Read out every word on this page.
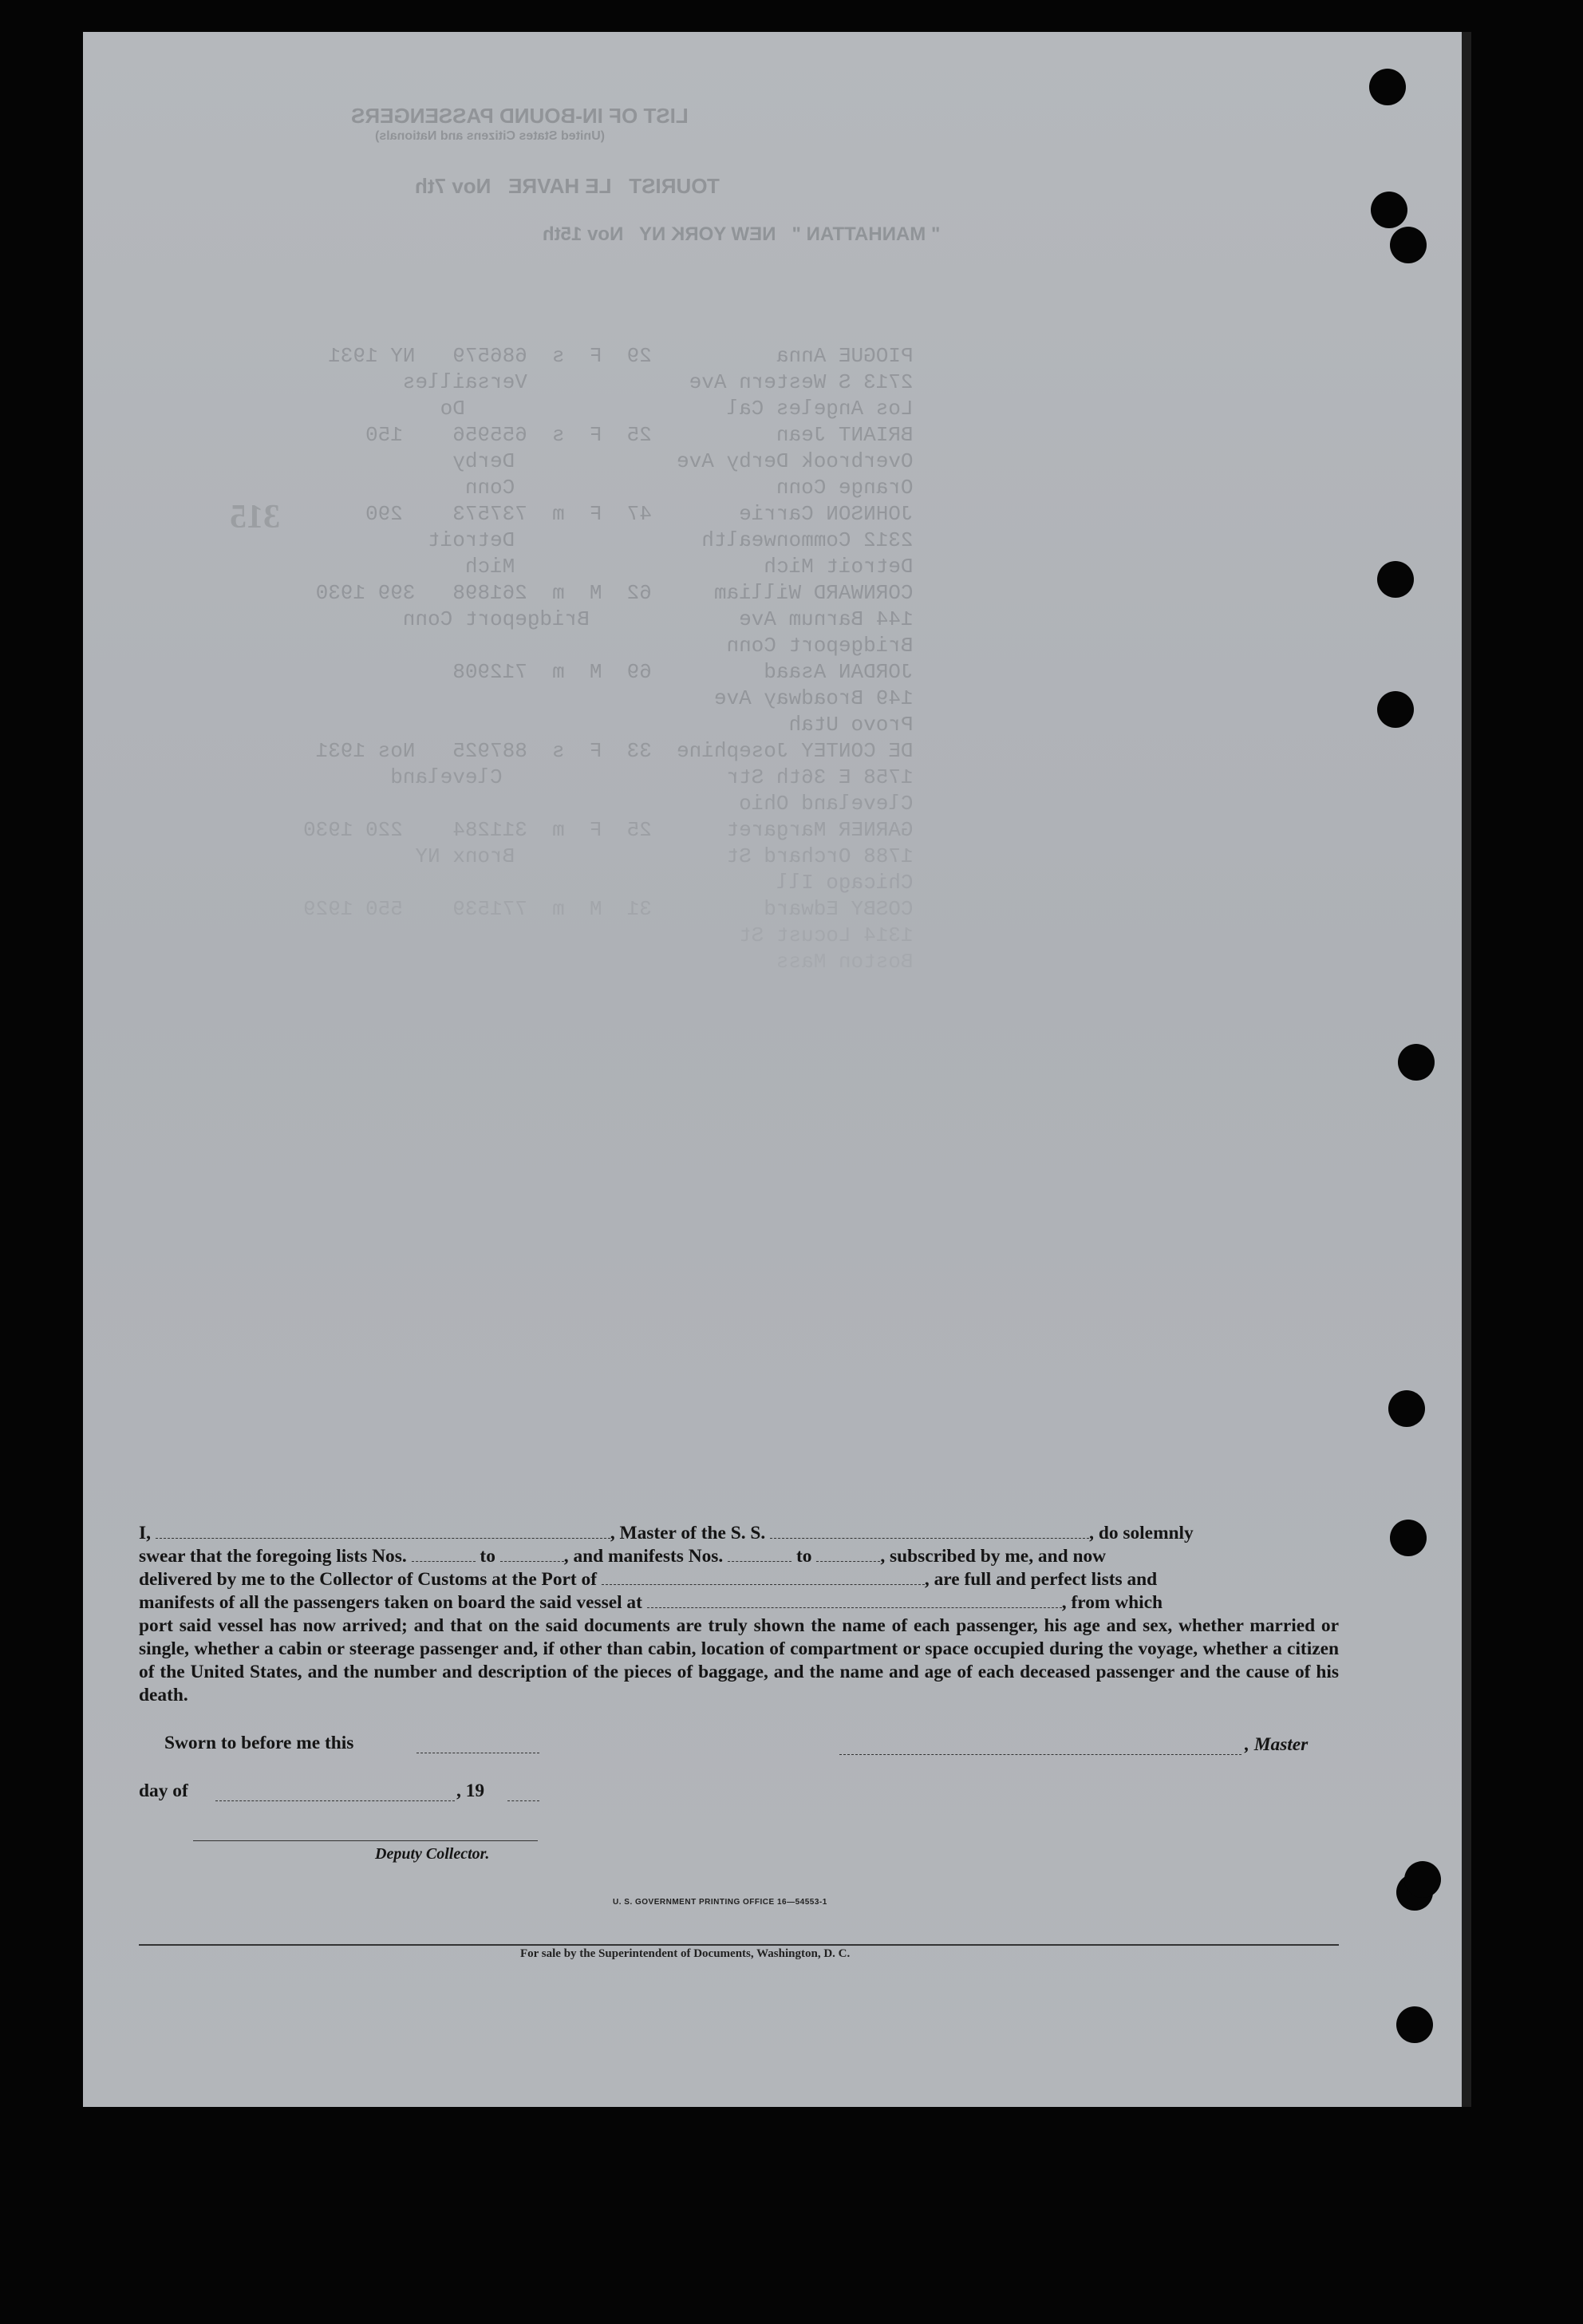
LIST OF IN-BOUND PASSENGERS
(United States Citizens and Nationals)
TOURIST   LE HAVRE   Nov 7th
" MANHATTAN "   NEW YORK NY   Nov 15th
315
PIOGUE Anna          29  F  s  686579   NY 1931
2713 S Western Ave             Versailles
Los Angeles Cal                     Do
BRIANT Jean          25  F  s  655956    150
Overbrook Derby Ave             Derby
Orange Conn                     Conn
JOHNSON Carrie       47  F  m  737573    290
2312 Commonwealth               Detroit
Detroit Mich                    Mich
CORNWARD William     62  M  m  261898   399 1930
144 Barnum Ave            Bridgeport Conn
Bridgeport Conn
JORDAN Asaad         69  M  m  712908
149 Broadway Ave
Provo Utah
DE CONTEY Josephine  33  F  s  887925   Nos 1931
1758 E 36th Str                  Cleveland
Cleveland Ohio
GARNER Margaret      25  F  m  311284    220 1930
1788 Orchard St                 Bronx NY
Chicago Ill
COSBY Edward         31  M  m  771539    550 1929
1314 Locust St
Boston Mass

I,	, Master of the S. S.	, do solemnly

swear that the foregoing lists Nos.	to	, and manifests Nos.	to	, subscribed by me, and now

delivered by me to the Collector of Customs at the Port of	, are full and perfect lists and

manifests of all the passengers taken on board the said vessel at	, from which

port said vessel has now arrived; and that on the said documents are truly shown the name of each passenger, his age and sex, whether married or single, whether a cabin or steerage passenger and, if other than cabin, location of compartment or space occupied during the voyage, whether a citizen of the United States, and the number and description of the pieces of baggage, and the name and age of each deceased passenger and the cause of his death.

Sworn to before me this	, Master
day of	, 19
Deputy Collector.
U. S. GOVERNMENT PRINTING OFFICE 16—54553-1
For sale by the Superintendent of Documents, Washington, D. C.
